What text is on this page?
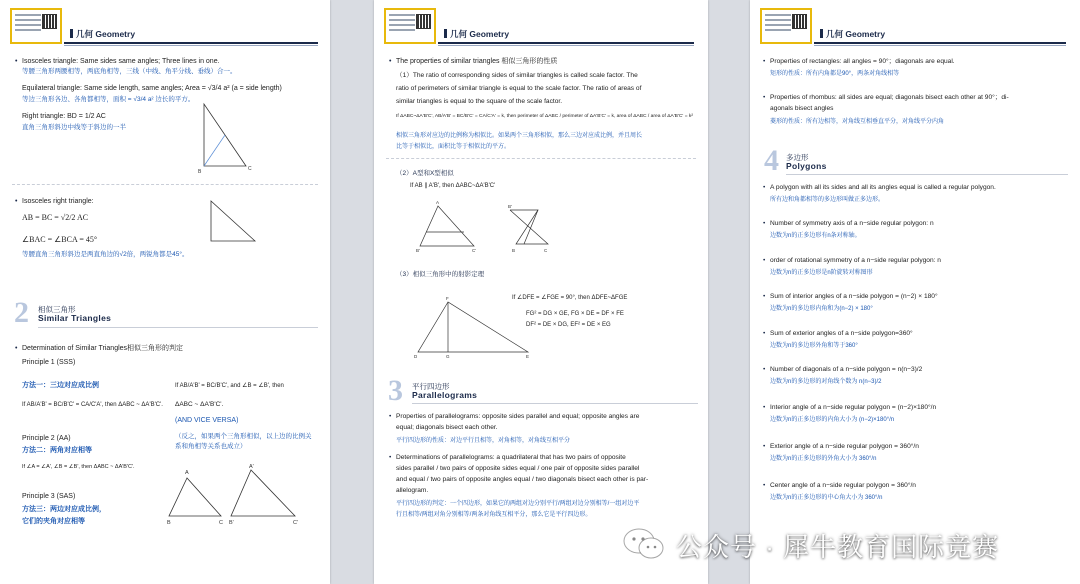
几何 Geometry
• Isosceles triangle: Same sides same angles; Three lines in one.
等腰三角形两腰相等，两底角相等，三线（中线、角平分线、垂线）合一。
Equilateral triangle: Same side length, same angles; Area = √3/4 a² (a = side length)
等边三角形各边、各角都相等，面积 = √3/4 a² 边长的平方。
Right triangle: BD = 1/2 AC
直角三角形斜边中线等于斜边的一半
B	C
• Isosceles right triangle:
AB = BC = √2/2 AC
∠BAC = ∠BCA = 45°
等腰直角三角形斜边是两直角边的√2倍，两锐角都是45°。
2 相似三角形
Similar Triangles
• Determination of Similar Triangles相似三角形的判定
Principle 1 (SSS)
方法一：三边对应成比例
If AB/A'B' = BC/B'C' = CA/C'A', then ΔABC ~ ΔA'B'C'.
If AB/A'B' = BC/B'C', and ∠B = ∠B', then
ΔABC ~ ΔA'B'C'.
(AND VICE VERSA)
（反之，如果两个三角形相似，以上边的比例关系和角相等关系也成立）
Principle 2 (AA)
方法二：两角对应相等
If ∠A = ∠A', ∠B = ∠B', then ΔABC ~ ΔA'B'C'.
Principle 3 (SAS)
方法三：两边对应成比例，
它们的夹角对应相等
A
B	C
A'
B'	C'
几何 Geometry
• The properties of similar triangles 相似三角形的性质
（1）The ratio of corresponding sides of similar triangles is called scale factor. The
ratio of perimeters of similar triangle is equal to the scale factor. The ratio of areas of
similar triangles is equal to the square of the scale factor.
If ΔABC~ΔA'B'C', AB/A'B' = BC/B'C' = CA/C'A' = k, then perimeter of ΔABC / perimeter of ΔA'B'C' = k, area of ΔABC / area of ΔA'B'C' = k²
相似三角形对应边的比例称为相似比。如果两个三角形相似，那么三边对应成比例，并且周长
比等于相似比，面积比等于相似比的平方。
（2）A型和X型相似
If AB ∥ A'B', then ΔABC~ΔA'B'C'
A
B'	C'
B'
B	C
（3）相似三角形中的射影定理
If ∠DFE = ∠FGE = 90°, then ΔDFE~ΔFGE
FG² = DG × GE, FG × DE = DF × FE
DF² = DE × DG, EF² = DE × EG
F
D	G	E
3 平行四边形
Parallelograms
• Properties of parallelograms: opposite sides parallel and equal; opposite angles are
equal; diagonals bisect each other.
平行四边形的性质：对边平行且相等，对角相等，对角线互相平分
• Determinations of parallelograms: a quadrilateral that has two pairs of opposite
sides parallel / two pairs of opposite sides equal / one pair of opposite sides parallel
and equal / two pairs of opposite angles equal / two diagonals bisect each other is par-
allelogram.
平行四边形的判定：一个四边形，如果它的两组对边分别平行/两组对边分别相等/一组对边平
行且相等/两组对角分别相等/两条对角线互相平分，那么它是平行四边形。
几何 Geometry
• Properties of rectangles: all angles = 90°；diagonals are equal.
矩形的性质：所有内角都是90°，两条对角线相等
• Properties of rhombus: all sides are equal; diagonals bisect each other at 90°；di-
agonals bisect angles
菱形的性质：所有边相等，对角线互相垂直平分，对角线平分内角
4 多边形
Polygons
• A polygon with all its sides and all its angles equal is called a regular polygon.
所有边和角都相等的多边形叫做正多边形。
• Number of symmetry axis of a n−side regular polygon: n
边数为n的正多边形有n条对称轴。
• order of rotational symmetry of a n−side regular polygon: n
边数为n的正多边形是n阶旋转对称图形
• Sum of interior angles of a n−side polygon = (n−2) × 180°
边数为n的多边形内角和为(n−2) × 180°
• Sum of exterior angles of a n−side polygon=360°
边数为n的多边形外角和等于360°
• Number of diagonals of a n−side polygon = n(n−3)/2
边数为n的多边形的对角线个数为 n(n−3)/2
• Interior angle of a n−side regular polygon = (n−2)×180°/n
边数为n的正多边形的内角大小为 (n−2)×180°/n
• Exterior angle of a n−side regular polygon = 360°/n
边数为n的正多边形的外角大小为 360°/n
• Center angle of a n−side regular polygon = 360°/n
边数为n的正多边形的中心角大小为 360°/n
公众号 · 犀牛教育国际竞赛
